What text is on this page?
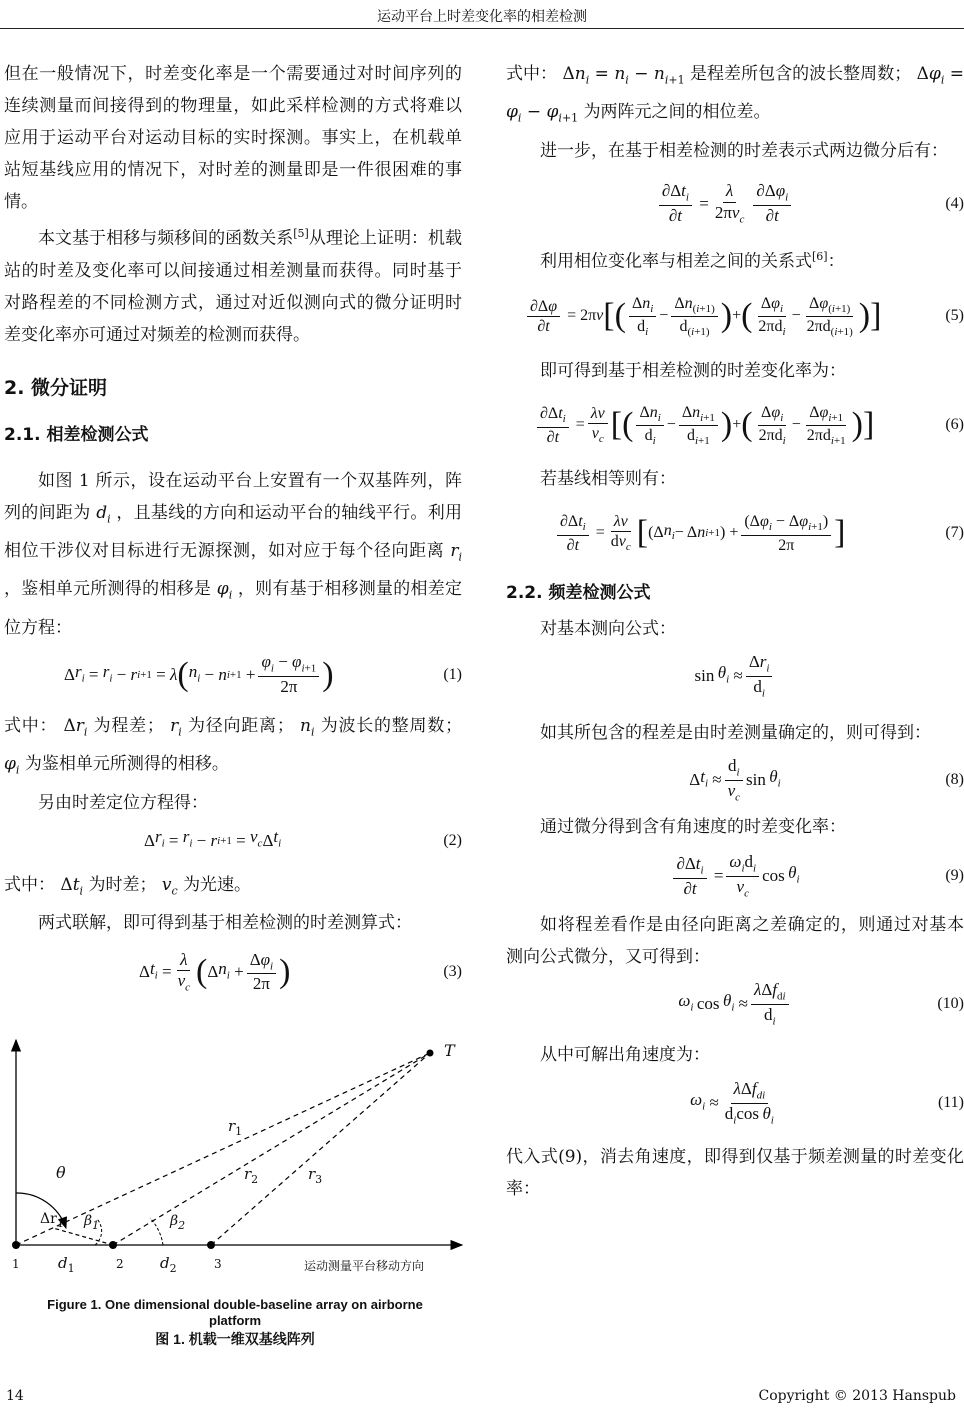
运动平台上时差变化率的相差检测

但在一般情况下，时差变化率是一个需要通过对时间序列的连续测量而间接得到的物理量，如此采样检测的方式将难以应用于运动平台对运动目标的实时探测。事实上，在机载单站短基线应用的情况下，对时差的测量即是一件很困难的事情。

本文基于相移与频移间的函数关系[5]从理论上证明：机载站的时差及变化率可以间接通过相差测量而获得。同时基于对路程差的不同检测方式，通过对近似测向式的微分证明时差变化率亦可通过对频差的检测而获得。

2. 微分证明
2.1. 相差检测公式

如图 1 所示，设在运动平台上安置有一个双基阵列，阵列的间距为 $d_i$ ，且基线的方向和运动平台的轴线平行。利用相位干涉仪对目标进行无源探测，如对应于每个径向距离 $r_i$ ，鉴相单元所测得的相移是 $\varphi_i$ ，则有基于相移测量的相差定位方程：

Δ $r_i = r_i - r$ i+1 = λ ( $n_i - n$ i+1 +
$\varphi_i - \varphi_{i+1}$
2π )	(1)

式中： $\Delta r_i$ 为程差； $r_i$ 为径向距离； $n_i$ 为波长的整周数； $\varphi_i$ 为鉴相单元所测得的相移。

另由时差定位方程得：

Δ $r_i = r_i - r$ $i+1 = v_c$ Δ $t_i$	(2)

式中： $\Delta t_i$ 为时差； $v_c$ 为光速。

两式联解，即可得到基于相差检测的时差测算式：

Δ $t_i$ =
λ
$v_c$ ( Δ $n_i$ +
$\Delta\varphi_i$
2π )	(3)
T
θ
$r_1$
$r_2$	$r_3$
$\Delta r_1$ $\beta_1$	$\beta_2$
1	2	3
$d_1$	$d_2$	运动测量平台移动方向
Figure 1. One dimensional double-baseline array on airborne platform
图 1. 机载一维双基线阵列

式中： $\Delta n_i = n_i - n_{i+1}$ 是程差所包含的波长整周数； $\Delta\varphi_i = \varphi_i - \varphi_{i+1}$ 为两阵元之间的相位差。

进一步，在基于相差检测的时差表示式两边微分后有：

$\partial\Delta t_i$
∂t
=
λ
$2\pi v_c$
$\partial\Delta\varphi_i$
∂t
(4)

利用相位变化率与相差之间的关系式[6]：

∂Δφ
∂t
= 2π v [ ( $\Delta n_i$
$d_i$
−
$\Delta n_{(i+1)}$
$d_{(i+1)}$ ) + ( $\Delta\varphi_i$
$2\pi d_i$
−
$\Delta\varphi_{(i+1)}$
$2\pi d_{(i+1)}$ ) ]	(5)

即可得到基于相差检测的时差变化率为：

$\partial\Delta t_i$
∂t
=
λv
$v_c$ [ ( $\Delta n_i$
$d_i$
−
$\Delta n_{i+1}$
$d_{i+1}$ ) + ( $\Delta\varphi_i$
$2\pi d_i$
−
$\Delta\varphi_{i+1}$
$2\pi d_{i+1}$ ) ]	(6)

若基线相等则有：

$\partial\Delta t_i$
∂t
=
λv
$dv_c$ [ (Δ $n_i - \Delta$ n i+1 ) +
$(\Delta\varphi_i - \Delta\varphi_{i+1})$
2π ]	(7)
2.2. 频差检测公式

对基本测向公式：

$\sin \theta_i$ ≈
$\Delta r_i$
$d_i$

如其所包含的程差是由时差测量确定的，则可得到：

Δ $t_i$ ≈
$d_i$
$v_c$
$\sin \theta_i$	(8)

通过微分得到含有角速度的时差变化率：

$\partial\Delta t_i$
∂t
=
$\omega_id_i$
$v_c$
$\cos \theta_i$	(9)

如将程差看作是由径向距离之差确定的，则通过对基本测向公式微分，又可得到：

$\omega_i$  $\cos \theta_i$ ≈
λΔf$_{di}$
$d_i$
(10)

从中可解出角速度为：

$\omega_i$ ≈
λΔf$_{di}$
$d_i\cos$ $\theta_i$
(11)

代入式(9)，消去角速度，即得到仅基于频差测量的时差变化率：

14	Copyright © 2013 Hanspub
